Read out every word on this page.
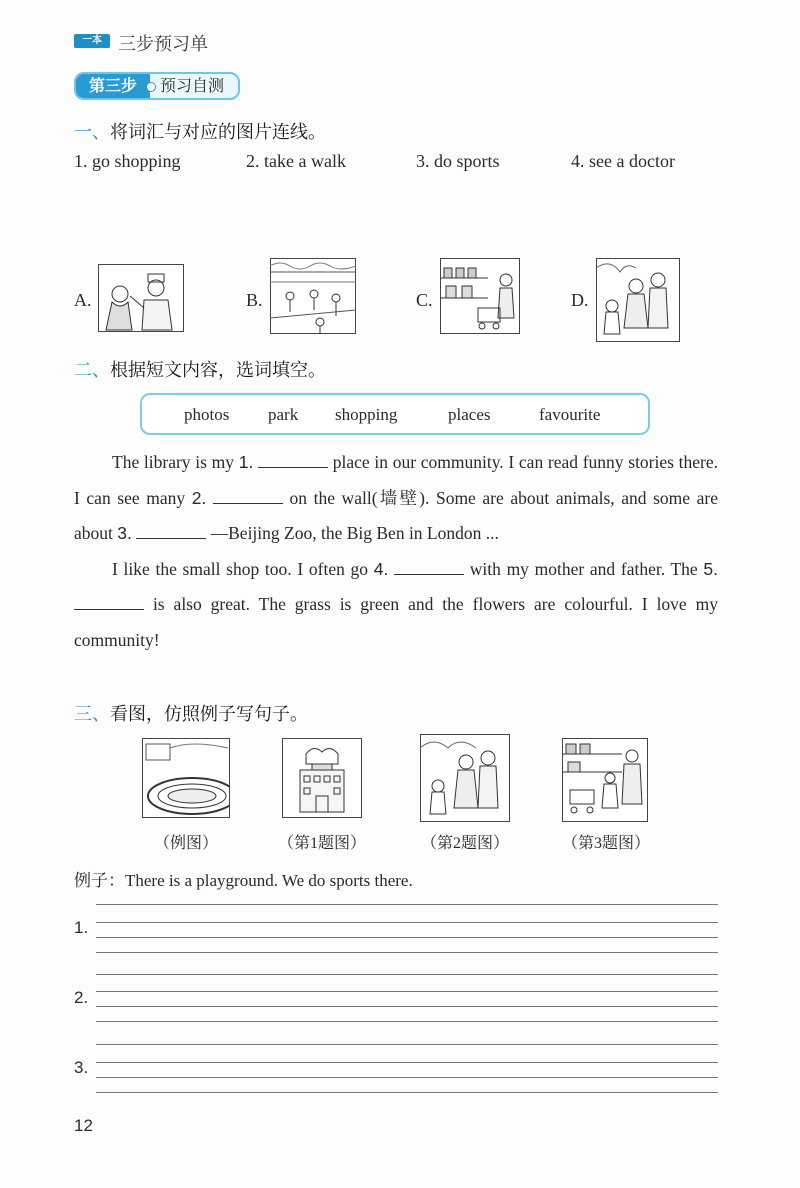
一本 三步预习单
第三步	预习自测
一、将词汇与对应的图片连线。
1. go shopping	2. take a walk	3. do sports	4. see a doctor
A.	B.	C.	D.
二、根据短文内容，选词填空。
photos park shopping	places	favourite

The library is my 1.	place in our community. I can read funny stories there. I can see many 2.	on the wall(墙壁). Some are about animals, and some are about 3.	—Beijing Zoo, the Big Ben in London ...

I like the small shop too. I often go 4.	with my mother and father. The 5.  is also great. The grass is green and the flowers are colourful. I love my community!

三、看图，仿照例子写句子。
（例图）	（第1题图）	（第2题图）	（第3题图）
例子：There is a playground. We do sports there.
1.
2.
3.
12
